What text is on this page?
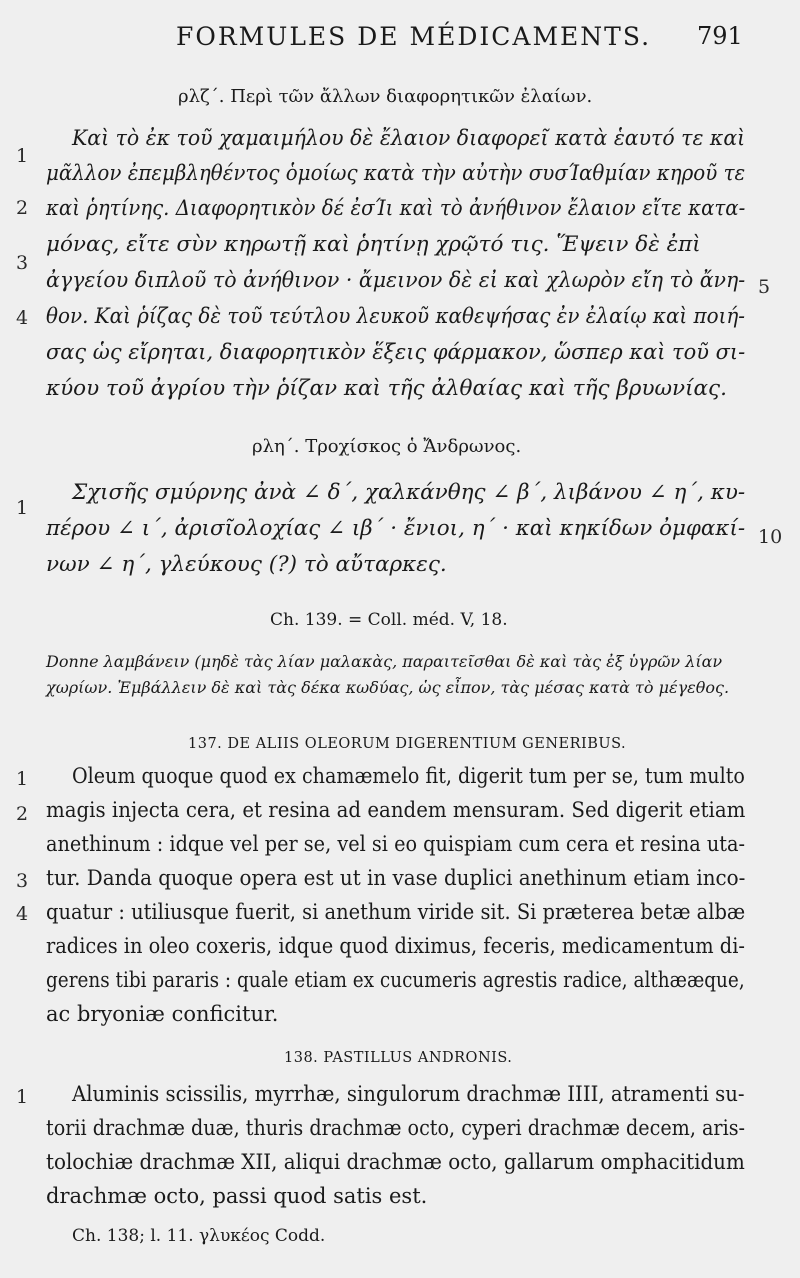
FORMULES DE MÉDICAMENTS. 791
ρλζ΄. Περὶ τῶν ἄλλων διαφορητικῶν ἐλαίων.
1
2
3
4
5
Καὶ τὸ ἐκ τοῦ χαμαιμήλου δὲ ἔλαιον διαφορεῖ κατὰ ἑαυτό τε καὶ
μᾶλλον ἐπεμβληθέντος ὁμοίως κατὰ τὴν αὐτὴν συσΊαθμίαν κηροῦ τε
καὶ ῥητίνης. Διαφορητικὸν δέ ἐσΊι καὶ τὸ ἀνήθινον ἔλαιον εἴτε κατα-
μόνας, εἴτε σὺν κηρωτῇ καὶ ῥητίνῃ χρῷτό τις. Ἕψειν δὲ ἐπὶ
ἀγγείου διπλοῦ τὸ ἀνήθινον · ἄμεινον δὲ εἰ καὶ χλωρὸν εἴη τὸ ἄνη-
θον. Καὶ ῥίζας δὲ τοῦ τεύτλου λευκοῦ καθεψήσας ἐν ἐλαίῳ καὶ ποιή-
σας ὡς εἴρηται, διαφορητικὸν ἕξεις φάρμακον, ὥσπερ καὶ τοῦ σι-
κύου τοῦ ἀγρίου τὴν ῥίζαν καὶ τῆς ἀλθαίας καὶ τῆς βρυωνίας.
ρλη΄. Τροχίσκος ὁ Ἄνδρωνος.
1
10
Σχισῆς σμύρνης ἀνὰ ∠ δ΄, χαλκάνθης ∠ β΄, λιβάνου ∠ η΄, κυ-
πέρου ∠ ι΄, ἀρισῖολοχίας ∠ ιβ΄ · ἔνιοι, η΄ · καὶ κηκίδων ὀμφακί-
νων ∠ η΄, γλεύκους (?) τὸ αὔταρκες.
Ch. 139. = Coll. méd. V, 18.
Donne λαμβάνειν (μηδὲ τὰς λίαν μαλακὰς, παραιτεῖσθαι δὲ καὶ τὰς ἐξ ὑγρῶν λίαν
χωρίων. Ἐμβάλλειν δὲ καὶ τὰς δέκα κωδύας, ὡς εἶπον, τὰς μέσας κατὰ τὸ μέγεθος.
137. DE ALIIS OLEORUM DIGERENTIUM GENERIBUS.
1
2
3
4
Oleum quoque quod ex chamæmelo fit, digerit tum per se, tum multo
magis injecta cera, et resina ad eandem mensuram. Sed digerit etiam
anethinum : idque vel per se, vel si eo quispiam cum cera et resina uta-
tur. Danda quoque opera est ut in vase duplici anethinum etiam inco-
quatur : utiliusque fuerit, si anethum viride sit. Si præterea betæ albæ
radices in oleo coxeris, idque quod diximus, feceris, medicamentum di-
gerens tibi pararis : quale etiam ex cucumeris agrestis radice, althææque,
ac bryoniæ conficitur.
138. PASTILLUS ANDRONIS.
1 Aluminis scissilis, myrrhæ, singulorum drachmæ IIII, atramenti su-
torii drachmæ duæ, thuris drachmæ octo, cyperi drachmæ decem, aris-
tolochiæ drachmæ XII, aliqui drachmæ octo, gallarum omphacitidum
drachmæ octo, passi quod satis est.
Ch. 138; l. 11. γλυκέος Codd.
